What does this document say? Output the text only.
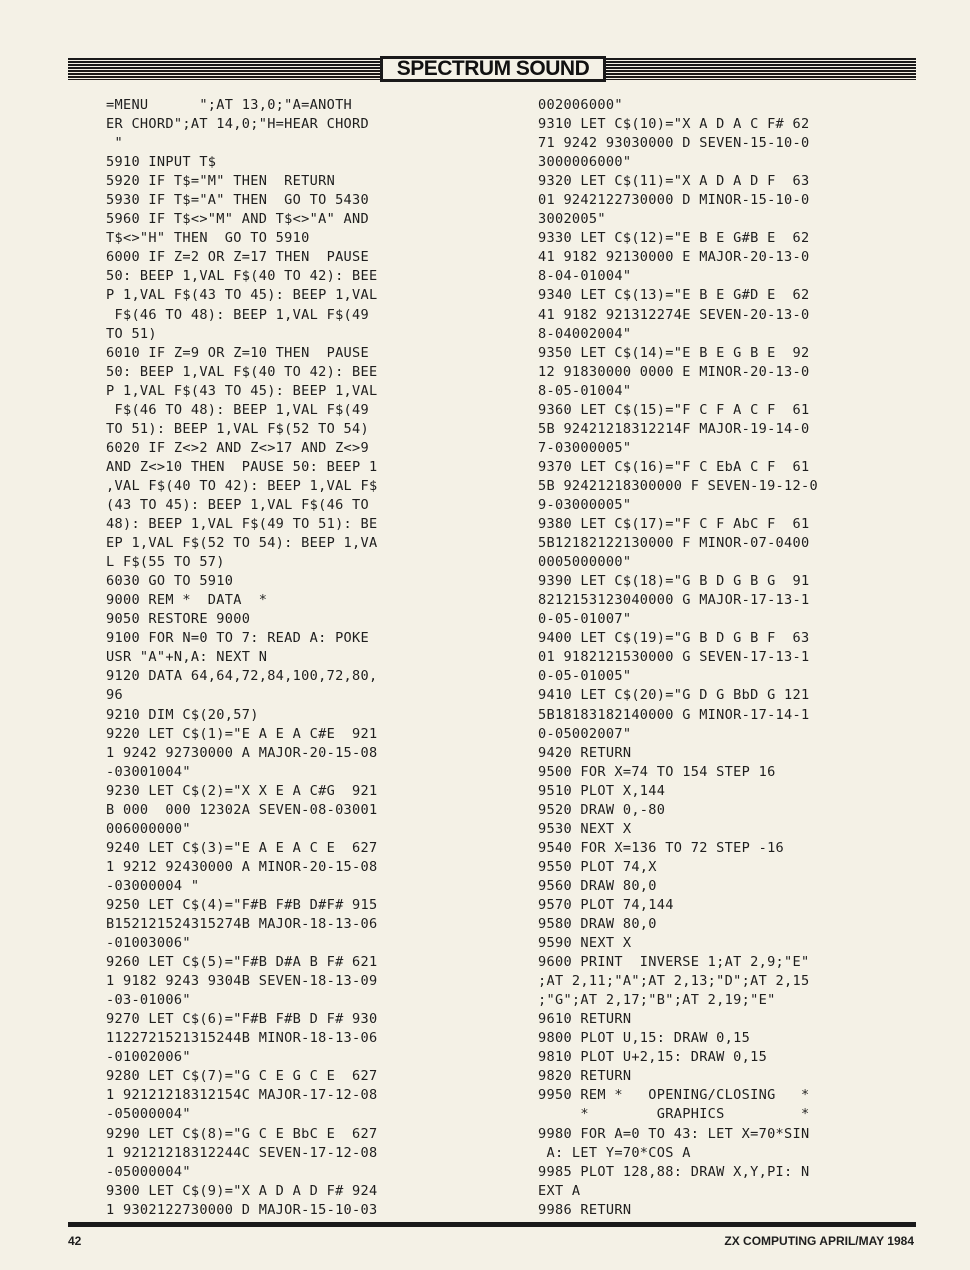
SPECTRUM SOUND
=MENU      ";AT 13,0;"A=ANOTH
ER CHORD";AT 14,0;"H=HEAR CHORD
"
5910 INPUT T$
5920 IF T$="M" THEN  RETURN
5930 IF T$="A" THEN  GO TO 5430
5960 IF T$<>"M" AND T$<>"A" AND
T$<>"H" THEN  GO TO 5910
6000 IF Z=2 OR Z=17 THEN  PAUSE
50: BEEP 1,VAL F$(40 TO 42): BEE
P 1,VAL F$(43 TO 45): BEEP 1,VAL
F$(46 TO 48): BEEP 1,VAL F$(49
TO 51)
6010 IF Z=9 OR Z=10 THEN  PAUSE
50: BEEP 1,VAL F$(40 TO 42): BEE
P 1,VAL F$(43 TO 45): BEEP 1,VAL
F$(46 TO 48): BEEP 1,VAL F$(49
TO 51): BEEP 1,VAL F$(52 TO 54)
6020 IF Z<>2 AND Z<>17 AND Z<>9
AND Z<>10 THEN  PAUSE 50: BEEP 1
,VAL F$(40 TO 42): BEEP 1,VAL F$
(43 TO 45): BEEP 1,VAL F$(46 TO
48): BEEP 1,VAL F$(49 TO 51): BE
EP 1,VAL F$(52 TO 54): BEEP 1,VA
L F$(55 TO 57)
6030 GO TO 5910
9000 REM *  DATA  *
9050 RESTORE 9000
9100 FOR N=0 TO 7: READ A: POKE
USR "A"+N,A: NEXT N
9120 DATA 64,64,72,84,100,72,80,
96
9210 DIM C$(20,57)
9220 LET C$(1)="E A E A C#E  921
1 9242 92730000 A MAJOR-20-15-08
-03001004"
9230 LET C$(2)="X X E A C#G  921
B 000  000 12302A SEVEN-08-03001
006000000"
9240 LET C$(3)="E A E A C E  627
1 9212 92430000 A MINOR-20-15-08
-03000004 "
9250 LET C$(4)="F#B F#B D#F# 915
B152121524315274B MAJOR-18-13-06
-01003006"
9260 LET C$(5)="F#B D#A B F# 621
1 9182 9243 9304B SEVEN-18-13-09
-03-01006"
9270 LET C$(6)="F#B F#B D F# 930
1122721521315244B MINOR-18-13-06
-01002006"
9280 LET C$(7)="G C E G C E  627
1 92121218312154C MAJOR-17-12-08
-05000004"
9290 LET C$(8)="G C E BbC E  627
1 92121218312244C SEVEN-17-12-08
-05000004"
9300 LET C$(9)="X A D A D F# 924
1 9302122730000 D MAJOR-15-10-03
002006000"
9310 LET C$(10)="X A D A C F# 62
71 9242 93030000 D SEVEN-15-10-0
3000006000"
9320 LET C$(11)="X A D A D F  63
01 9242122730000 D MINOR-15-10-0
3002005"
9330 LET C$(12)="E B E G#B E  62
41 9182 92130000 E MAJOR-20-13-0
8-04-01004"
9340 LET C$(13)="E B E G#D E  62
41 9182 921312274E SEVEN-20-13-0
8-04002004"
9350 LET C$(14)="E B E G B E  92
12 91830000 0000 E MINOR-20-13-0
8-05-01004"
9360 LET C$(15)="F C F A C F  61
5B 92421218312214F MAJOR-19-14-0
7-03000005"
9370 LET C$(16)="F C EbA C F  61
5B 92421218300000 F SEVEN-19-12-0
9-03000005"
9380 LET C$(17)="F C F AbC F  61
5B12182122130000 F MINOR-07-0400
0005000000"
9390 LET C$(18)="G B D G B G  91
8212153123040000 G MAJOR-17-13-1
0-05-01007"
9400 LET C$(19)="G B D G B F  63
01 9182121530000 G SEVEN-17-13-1
0-05-01005"
9410 LET C$(20)="G D G BbD G 121
5B18183182140000 G MINOR-17-14-1
0-05002007"
9420 RETURN
9500 FOR X=74 TO 154 STEP 16
9510 PLOT X,144
9520 DRAW 0,-80
9530 NEXT X
9540 FOR X=136 TO 72 STEP -16
9550 PLOT 74,X
9560 DRAW 80,0
9570 PLOT 74,144
9580 DRAW 80,0
9590 NEXT X
9600 PRINT  INVERSE 1;AT 2,9;"E"
;AT 2,11;"A";AT 2,13;"D";AT 2,15
;"G";AT 2,17;"B";AT 2,19;"E"
9610 RETURN
9800 PLOT U,15: DRAW 0,15
9810 PLOT U+2,15: DRAW 0,15
9820 RETURN
9950 REM *   OPENING/CLOSING   *
*        GRAPHICS         *
9980 FOR A=0 TO 43: LET X=70*SIN
A: LET Y=70*COS A
9985 PLOT 128,88: DRAW X,Y,PI: N
EXT A
9986 RETURN
42	ZX COMPUTING APRIL/MAY 1984
